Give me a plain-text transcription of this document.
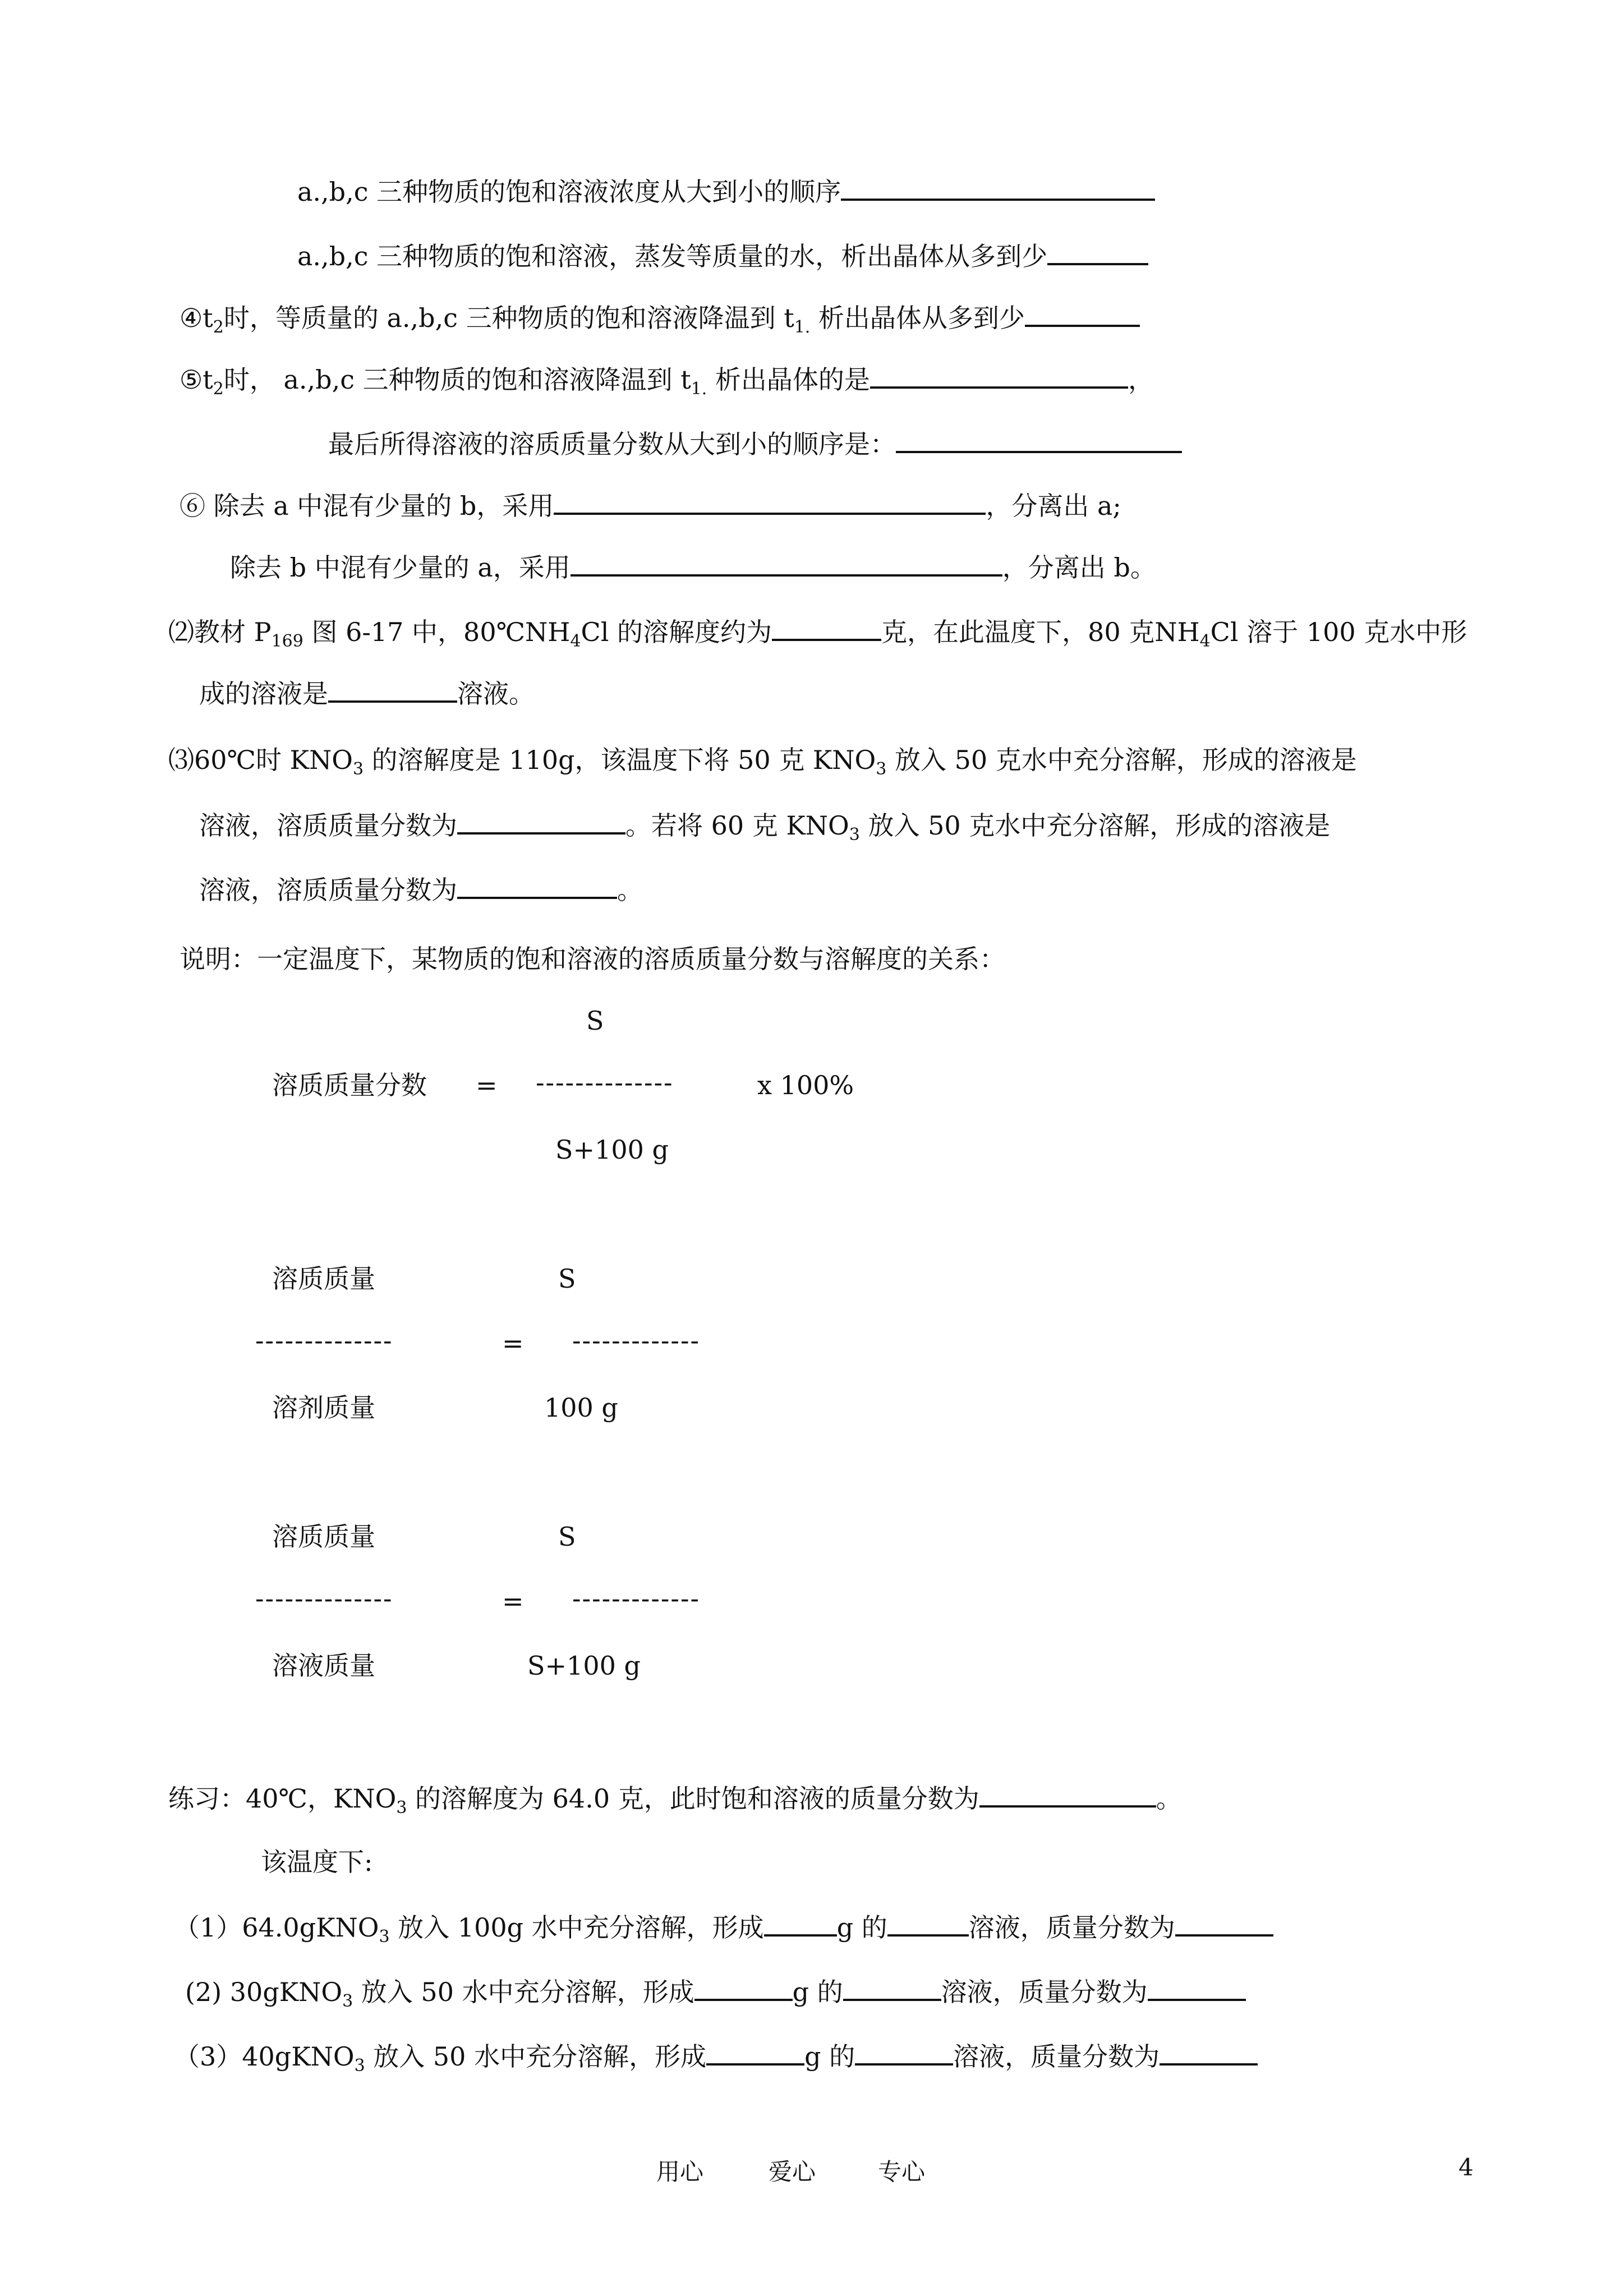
a.,b,c 三种物质的饱和溶液浓度从大到小的顺序
a.,b,c 三种物质的饱和溶液，蒸发等质量的水，析出晶体从多到少
$④t_2$时，等质量的 a.,b,c 三种物质的饱和溶液降温到 $t_{1.}$ 析出晶体从多到少
$⑤t_2$时， a.,b,c 三种物质的饱和溶液降温到 $t_{1.}$ 析出晶体的是	，
最后所得溶液的溶质质量分数从大到小的顺序是：
⑥ 除去 a 中混有少量的 b，采用	，分离出 a;
除去 b 中混有少量的 a，采用	，分离出 b。
⑵教材 $P_{169}$ 图 6-17 中，$80℃NH_4Cl$ 的溶解度约为	克，在此温度下，80 克$NH_4Cl$ 溶于 100 克水中形
成的溶液是	溶液。
⑶60℃时 $KNO_3$ 的溶解度是 110g，该温度下将 50 克 $KNO_3$ 放入 50 克水中充分溶解，形成的溶液是
溶液，溶质质量分数为	。若将 60 克 $KNO_3$ 放入 50 克水中充分溶解，形成的溶液是
溶液，溶质质量分数为	。
说明：一定温度下，某物质的饱和溶液的溶质质量分数与溶解度的关系：
S
溶质质量分数 = --------------	x 100%
S+100 g
溶质质量	S
--------------	= -------------
溶剂质量	100 g
溶质质量	S
--------------	= -------------
溶液质量	S+100 g
练习：40℃，$KNO_3$ 的溶解度为 64.0 克，此时饱和溶液的质量分数为	。
该温度下:
（1）64.0gKNO$_3$ 放入 100g 水中充分溶解，形成	g 的	溶液，质量分数为
(2) 30gKNO$_3$ 放入 50 水中充分溶解，形成	g 的	溶液，质量分数为
（3）40gKNO$_3$ 放入 50 水中充分溶解，形成	g 的	溶液，质量分数为
用心	爱心	专心	4
